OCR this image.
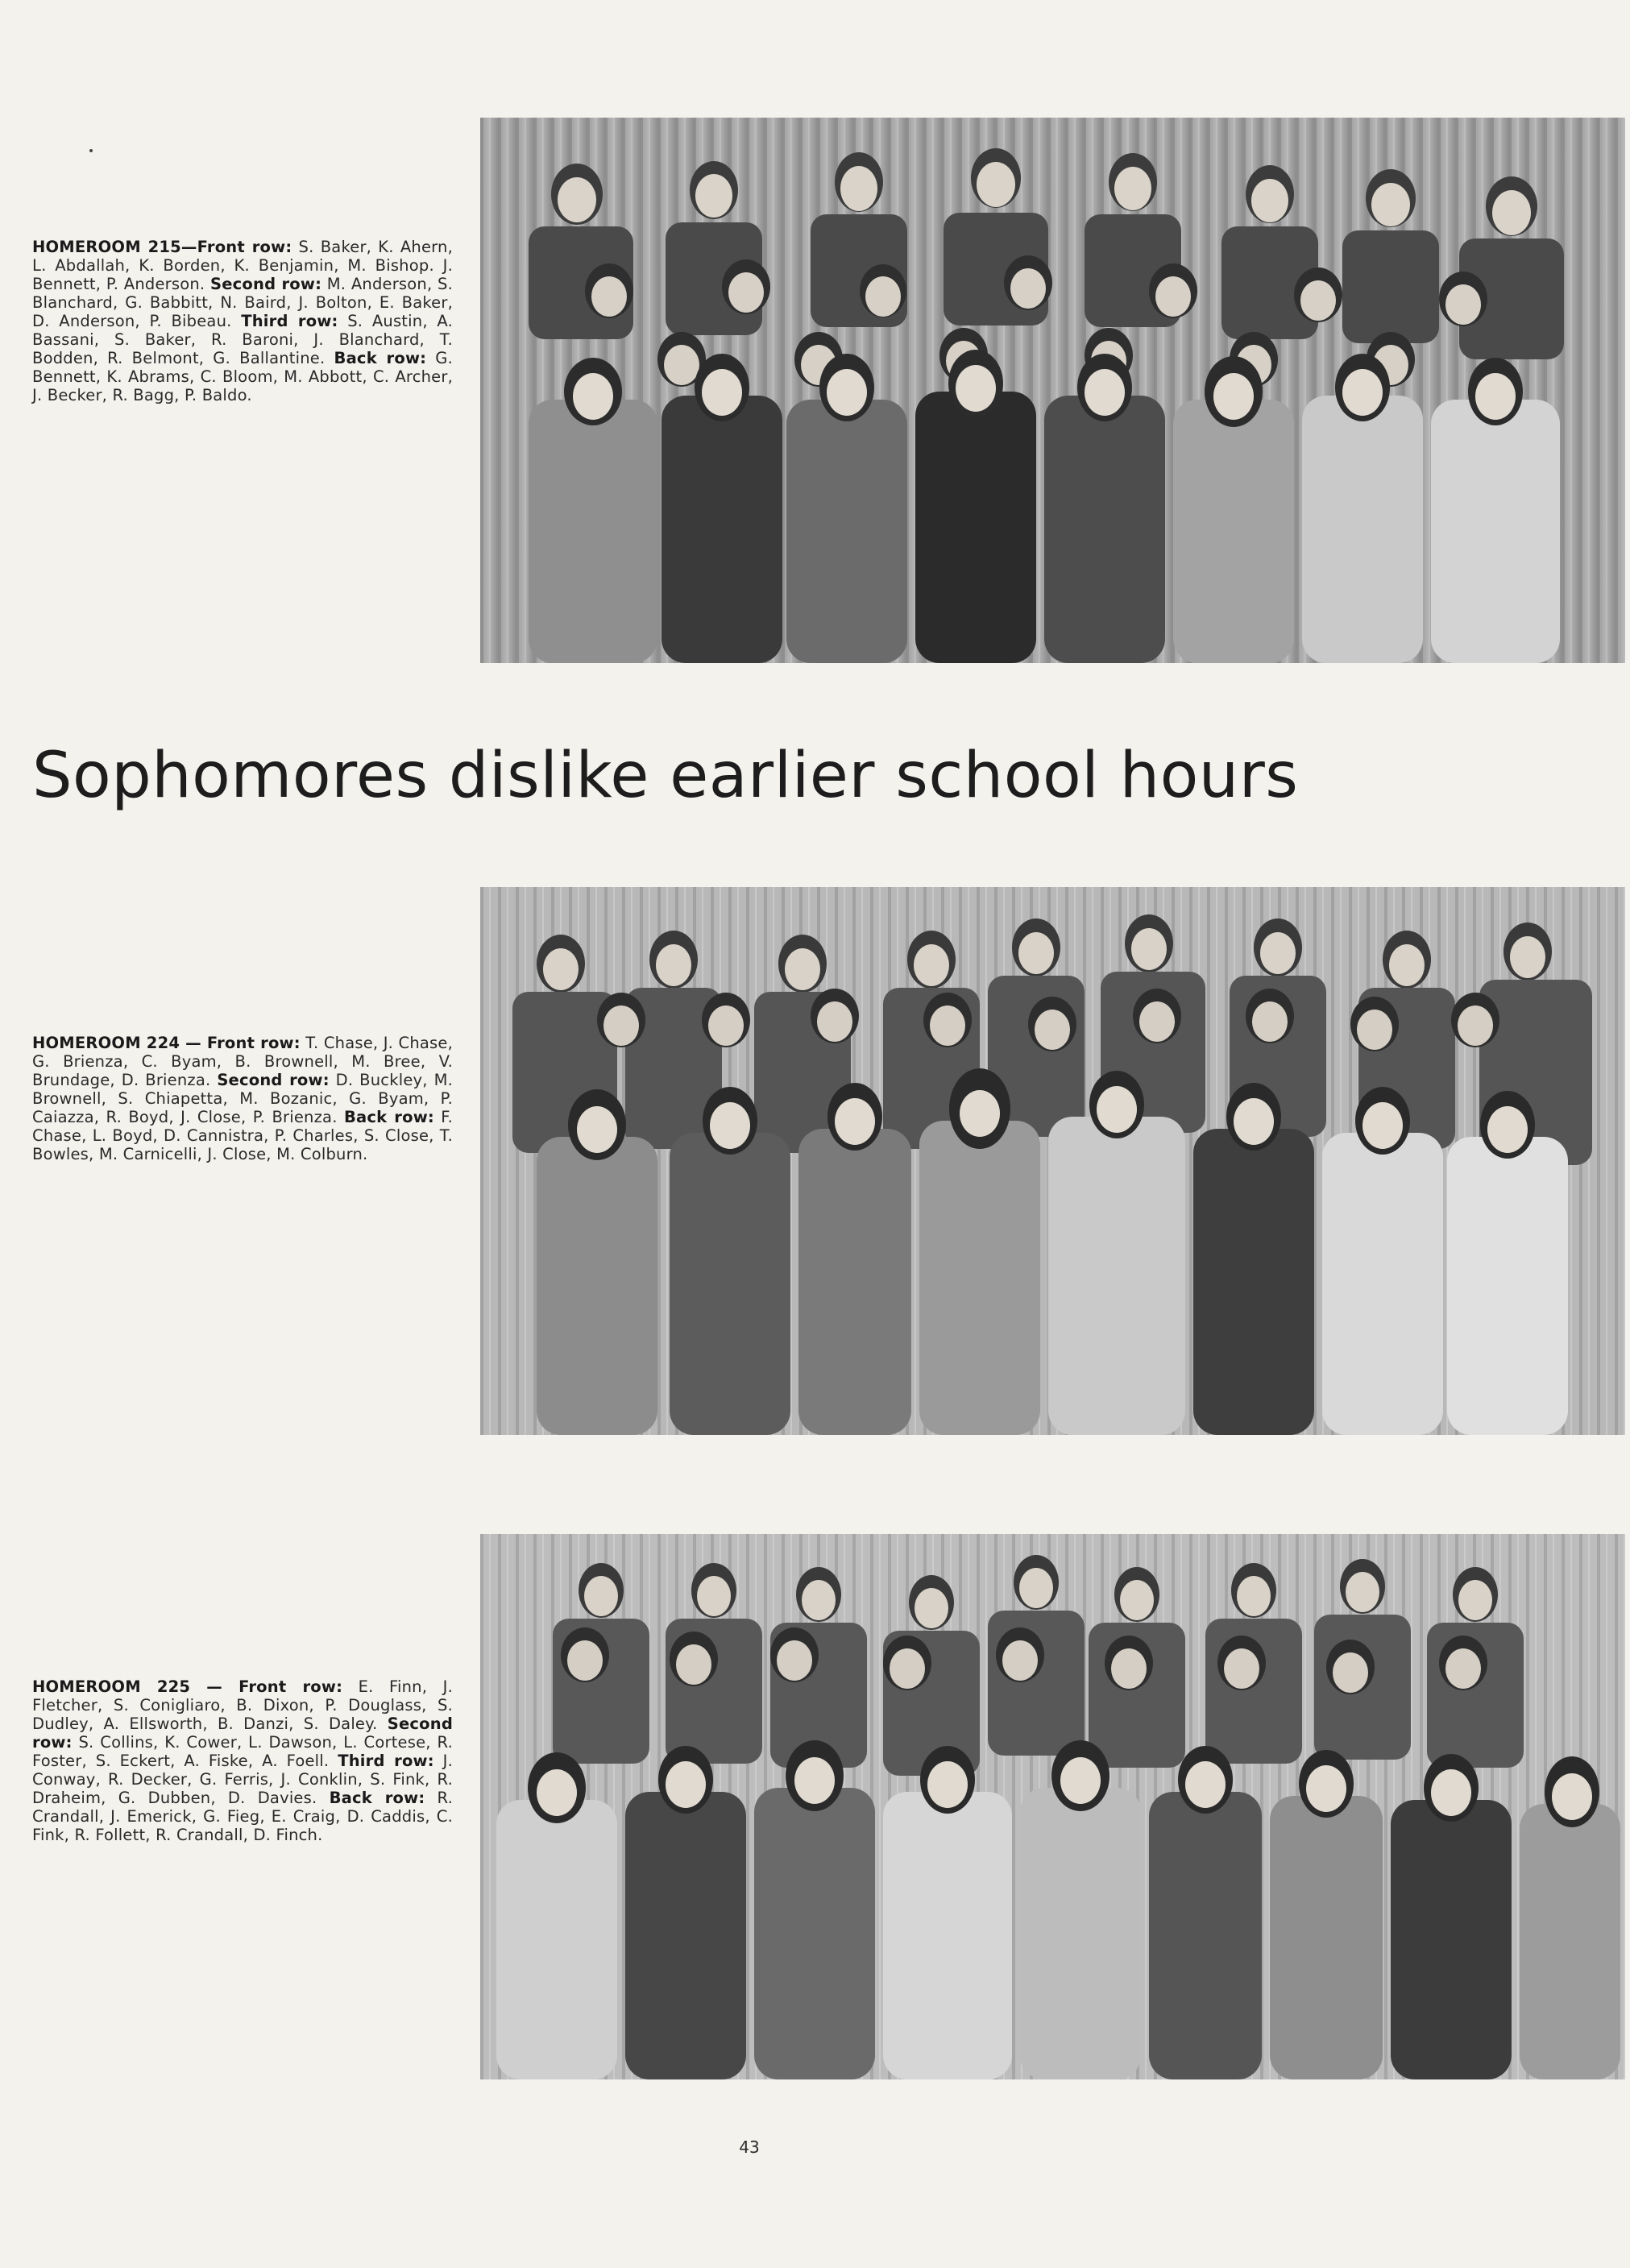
HOMEROOM 215—Front row: S. Baker, K. Ahern, L. Abdallah, K. Borden, K. Benjamin, M. Bishop. J. Bennett, P. Anderson. Second row: M. Anderson, S. Blanchard, G. Babbitt, N. Baird, J. Bolton, E. Baker, D. Anderson, P. Bibeau. Third row: S. Austin, A. Bassani, S. Baker, R. Baroni, J. Blanchard, T. Bodden, R. Belmont, G. Ballantine. Back row: G. Bennett, K. Abrams, C. Bloom, M. Abbott, C. Archer, J. Becker, R. Bagg, P. Baldo.
Sophomores dislike earlier school hours
HOMEROOM 224 — Front row: T. Chase, J. Chase, G. Brienza, C. Byam, B. Brownell, M. Bree, V. Brundage, D. Brienza. Second row: D. Buckley, M. Brownell, S. Chiapetta, M. Bozanic, G. Byam, P. Caiazza, R. Boyd, J. Close, P. Brienza. Back row: F. Chase, L. Boyd, D. Cannistra, P. Charles, S. Close, T. Bowles, M. Carnicelli, J. Close, M. Colburn.
HOMEROOM 225 — Front row: E. Finn, J. Fletcher, S. Conigliaro, B. Dixon, P. Douglass, S. Dudley, A. Ellsworth, B. Danzi, S. Daley. Second row: S. Collins, K. Cower, L. Dawson, L. Cortese, R. Foster, S. Eckert, A. Fiske, A. Foell. Third row: J. Conway, R. Decker, G. Ferris, J. Conklin, S. Fink, R. Draheim, G. Dubben, D. Davies. Back row: R. Crandall, J. Emerick, G. Fieg, E. Craig, D. Caddis, C. Fink, R. Follett, R. Crandall, D. Finch.
43
